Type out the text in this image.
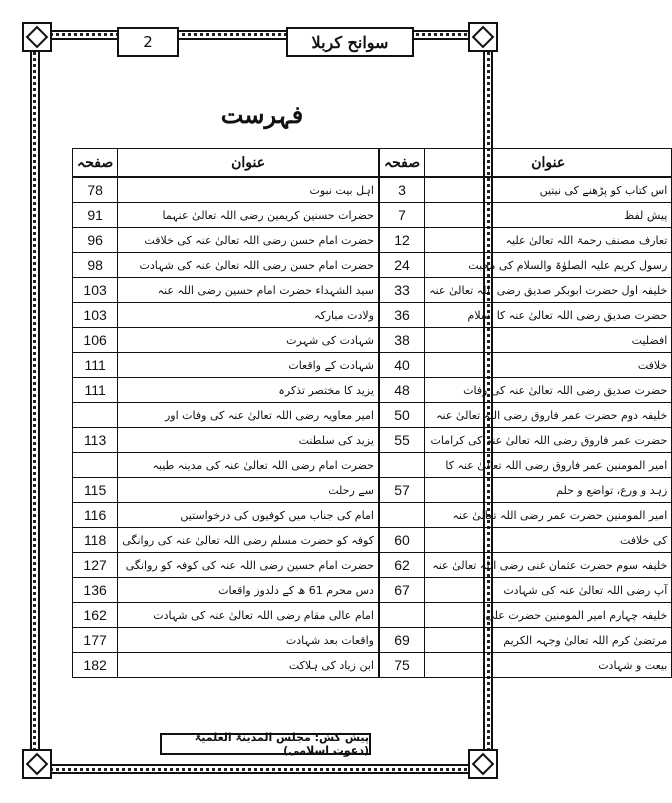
سوانح کربلا
2
فہرست
عنوان	صفحہ	عنوان	صفحہ
اس کتاب کو پڑھنے کی نیتیں	3	اہل بیت نبوت	78
پیش لفظ	7	حضرات حسنین کریمین رضی اللہ تعالیٰ عنہما	91
تعارف مصنف رحمۃ اللہ تعالیٰ علیہ	12	حضرت امام حسن رضی اللہ تعالیٰ عنہ کی خلافت	96
رسول کریم علیہ الصلوٰۃ والسلام کی محبت	24	حضرت امام حسن رضی اللہ تعالیٰ عنہ کی شہادت	98
خلیفہ اول حضرت ابوبکر صدیق رضی اللہ تعالیٰ عنہ	33	سید الشہداء حضرت امام حسین رضی اللہ عنہ	103
حضرت صدیق رضی اللہ تعالیٰ عنہ کا اسلام	36	ولادت مبارکہ	103
افضلیت	38	شہادت کی شہرت	106
خلافت	40	شہادت کے واقعات	111
حضرت صدیق رضی اللہ تعالیٰ عنہ کی وفات	48	یزید کا مختصر تذکرہ	111
خلیفہ دوم حضرت عمر فاروق رضی اللہ تعالیٰ عنہ	50	امیر معاویہ رضی اللہ تعالیٰ عنہ کی وفات اور	
حضرت عمر فاروق رضی اللہ تعالیٰ عنہ کی کرامات	55	یزید کی سلطنت	113
امیر المومنین عمر فاروق رضی اللہ تعالیٰ عنہ کا		حضرت امام رضی اللہ تعالیٰ عنہ کی مدینہ طیبہ	
زہد و ورع، تواضع و حلم	57	سے رحلت	115
امیر المومنین حضرت عمر رضی اللہ تعالیٰ عنہ		امام کی جناب میں کوفیوں کی درخواستیں	116
کی خلافت	60	کوفہ کو حضرت مسلم رضی اللہ تعالیٰ عنہ کی روانگی	118
خلیفہ سوم حضرت عثمان غنی رضی اللہ تعالیٰ عنہ	62	حضرت امام حسین رضی اللہ عنہ کی کوفہ کو روانگی	127
آپ رضی اللہ تعالیٰ عنہ کی شہادت	67	دس محرم 61 ھ کے دلدوز واقعات	136
خلیفہ چہارم امیر المومنین حضرت علی		امام عالی مقام رضی اللہ تعالیٰ عنہ کی شہادت	162
مرتضیٰ کرم اللہ تعالیٰ وجہہ الکریم	69	واقعات بعد شہادت	177
بیعت و شہادت	75	ابن زیاد کی ہلاکت	182
پیش کش: مجلس المدینۃ العلمیۃ (دعوت اسلامی)
